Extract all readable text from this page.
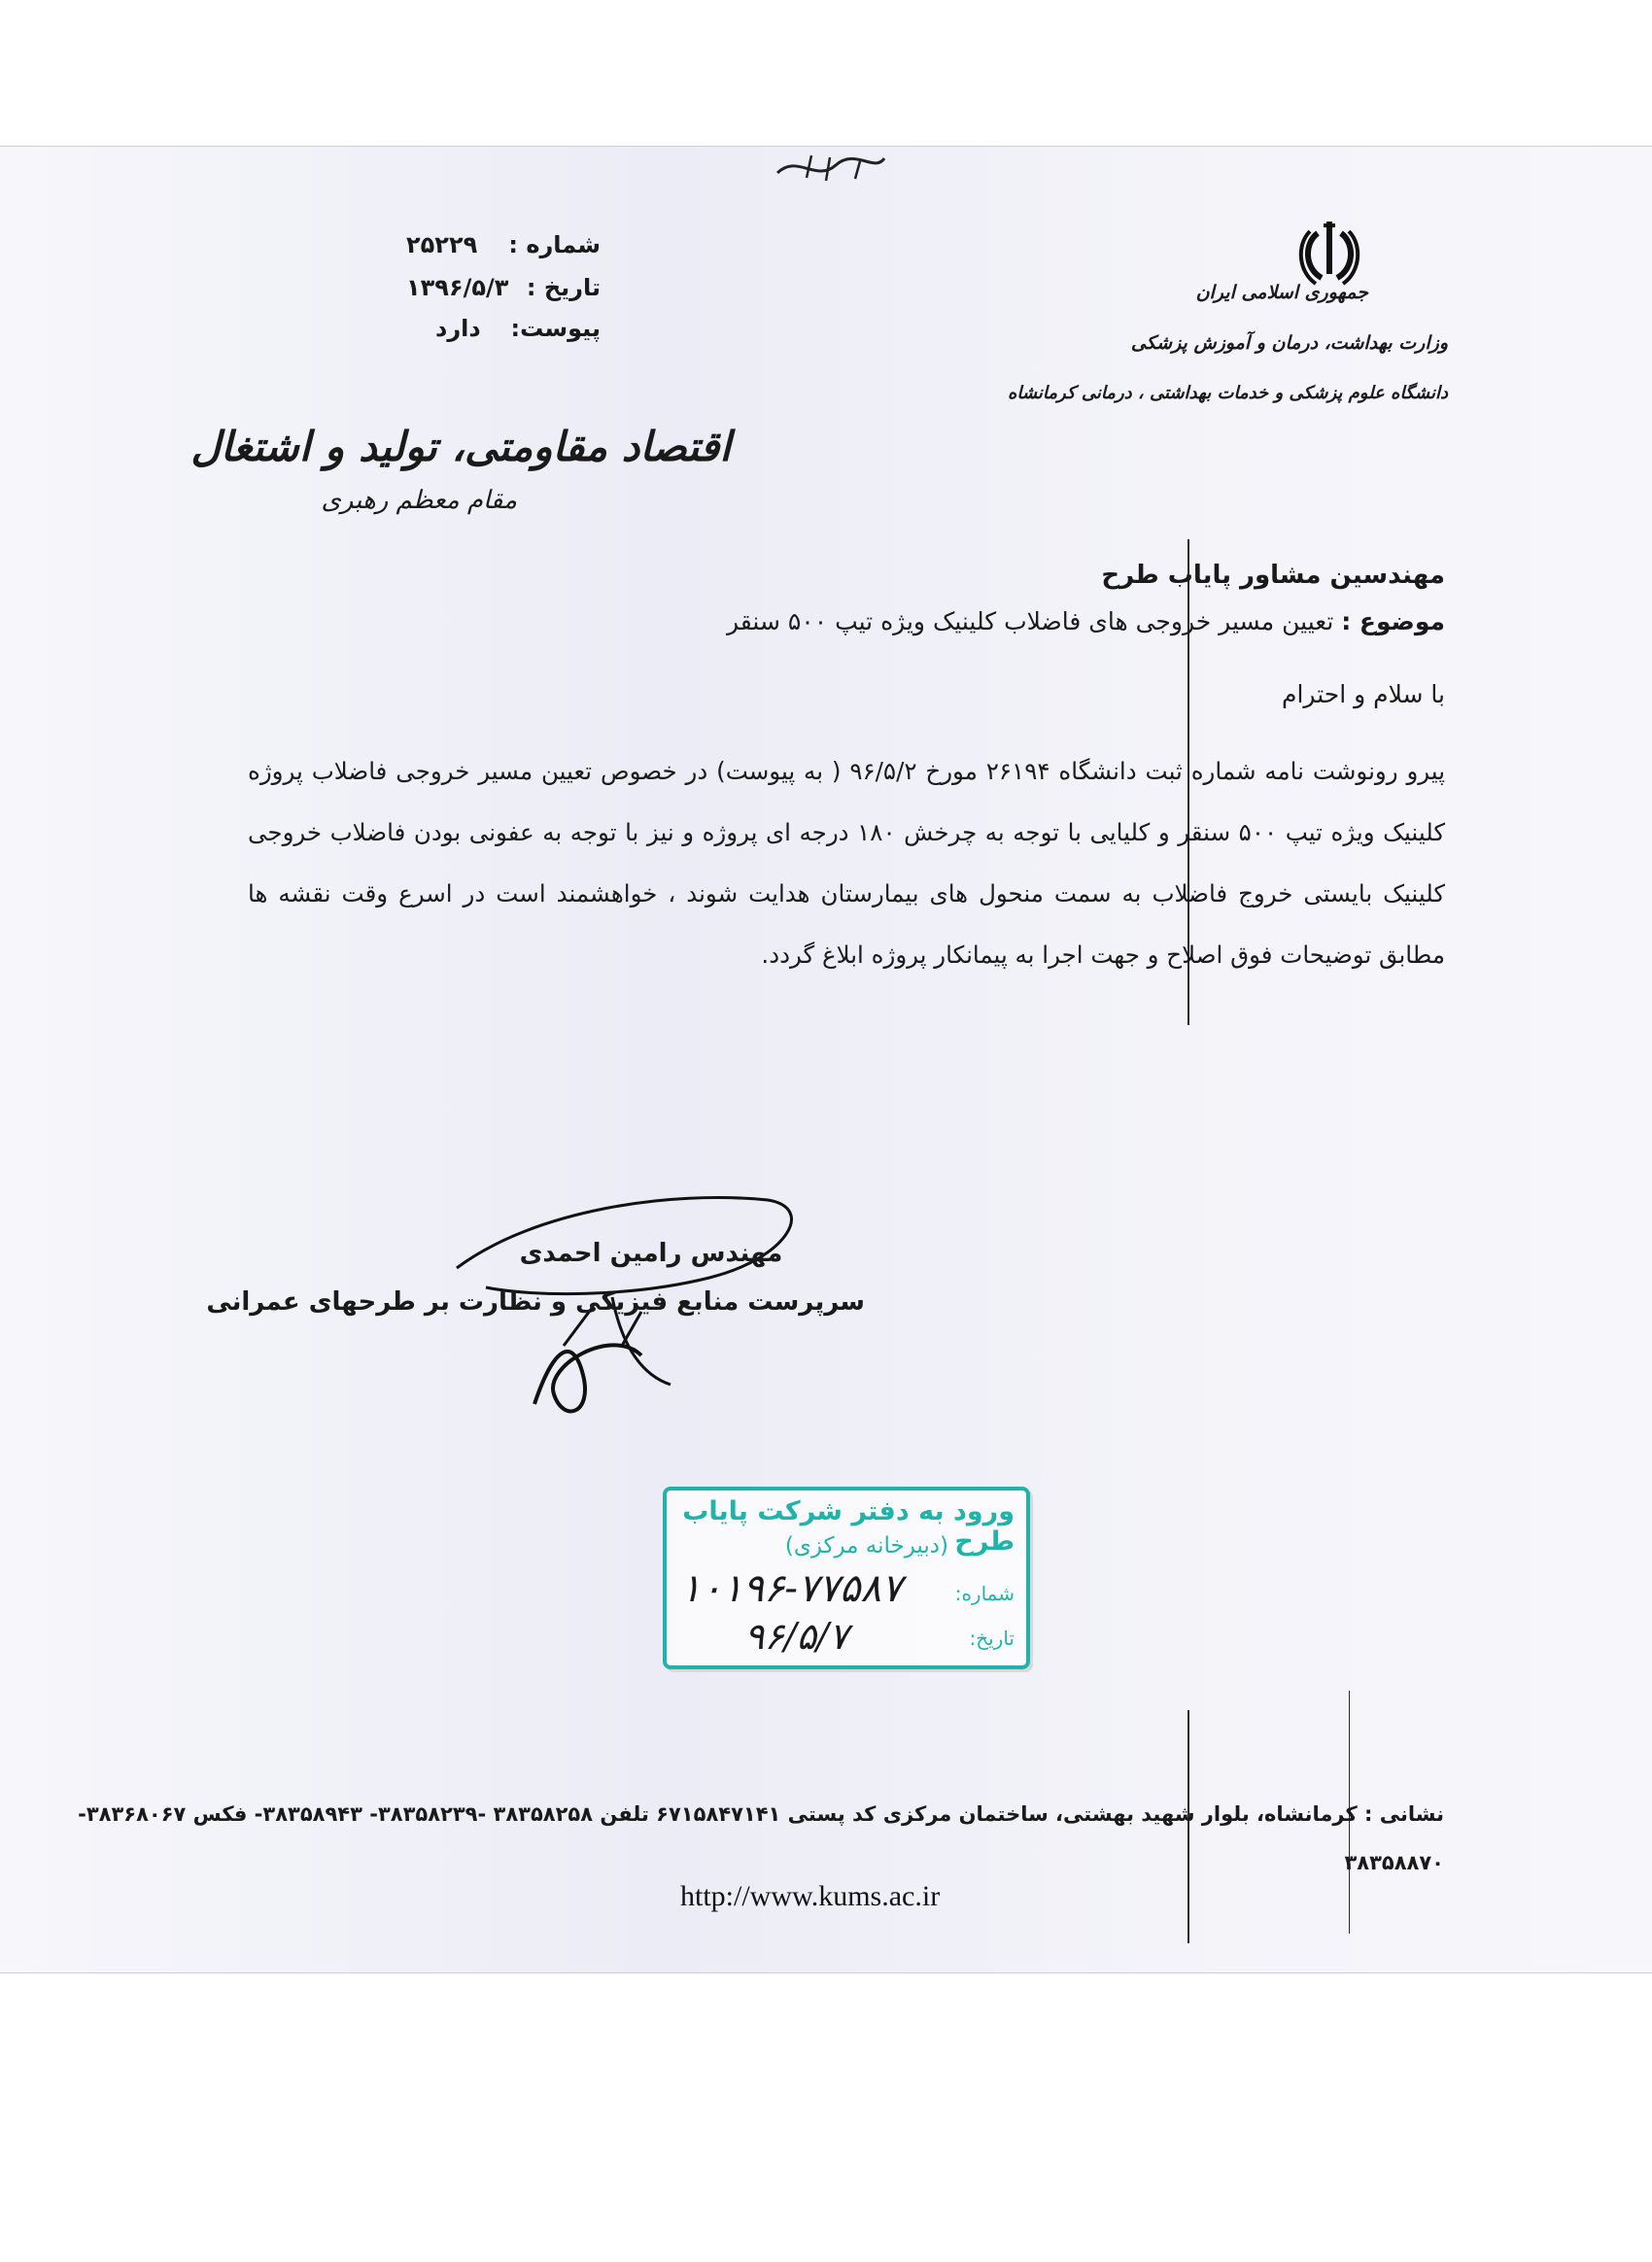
شماره :
۲۵۲۲۹
تاریخ :
۱۳۹۶/۵/۳
پیوست:
دارد
جمهوری اسلامی ایران
وزارت بهداشت، درمان و آموزش پزشکی
دانشگاه علوم پزشکی و خدمات بهداشتی ، درمانی کرمانشاه
اقتصاد مقاومتی، تولید و اشتغال
مقام معظم رهبری
مهندسین مشاور پایاب طرح
موضوع : تعیین مسیر خروجی های فاضلاب کلینیک ویژه تیپ ۵۰۰ سنقر
با سلام و احترام
پیرو رونوشت نامه شماره ثبت دانشگاه ۲۶۱۹۴ مورخ ۹۶/۵/۲ ( به پیوست) در خصوص تعیین مسیر خروجی فاضلاب پروژه کلینیک ویژه تیپ ۵۰۰ سنقر و کلیایی با توجه به چرخش ۱۸۰ درجه ای پروژه و نیز با توجه به عفونی بودن فاضلاب خروجی کلینیک بایستی خروج فاضلاب به سمت منحول های بیمارستان هدایت شوند ، خواهشمند است در اسرع وقت نقشه ها مطابق توضیحات فوق اصلاح و جهت اجرا به پیمانکار پروژه ابلاغ گردد.
مهندس رامین احمدی
سرپرست منابع فیزیکی و نظارت بر طرحهای عمرانی
ورود به دفتر شرکت پایاب طرح
(دبیرخانه مرکزی)
شماره:
تاریخ:
۱۰۱۹۶-۷۷۵۸۷
۹۶/۵/۷
نشانی : کرمانشاه، بلوار شهید بهشتی، ساختمان مرکزی کد پستی ۶۷۱۵۸۴۷۱۴۱ تلفن ۳۸۳۵۸۲۵۸ -۳۸۳۵۸۲۳۹- ۳۸۳۵۸۹۴۳- فکس ۳۸۳۶۸۰۶۷-
۳۸۳۵۸۸۷۰
http://www.kums.ac.ir
